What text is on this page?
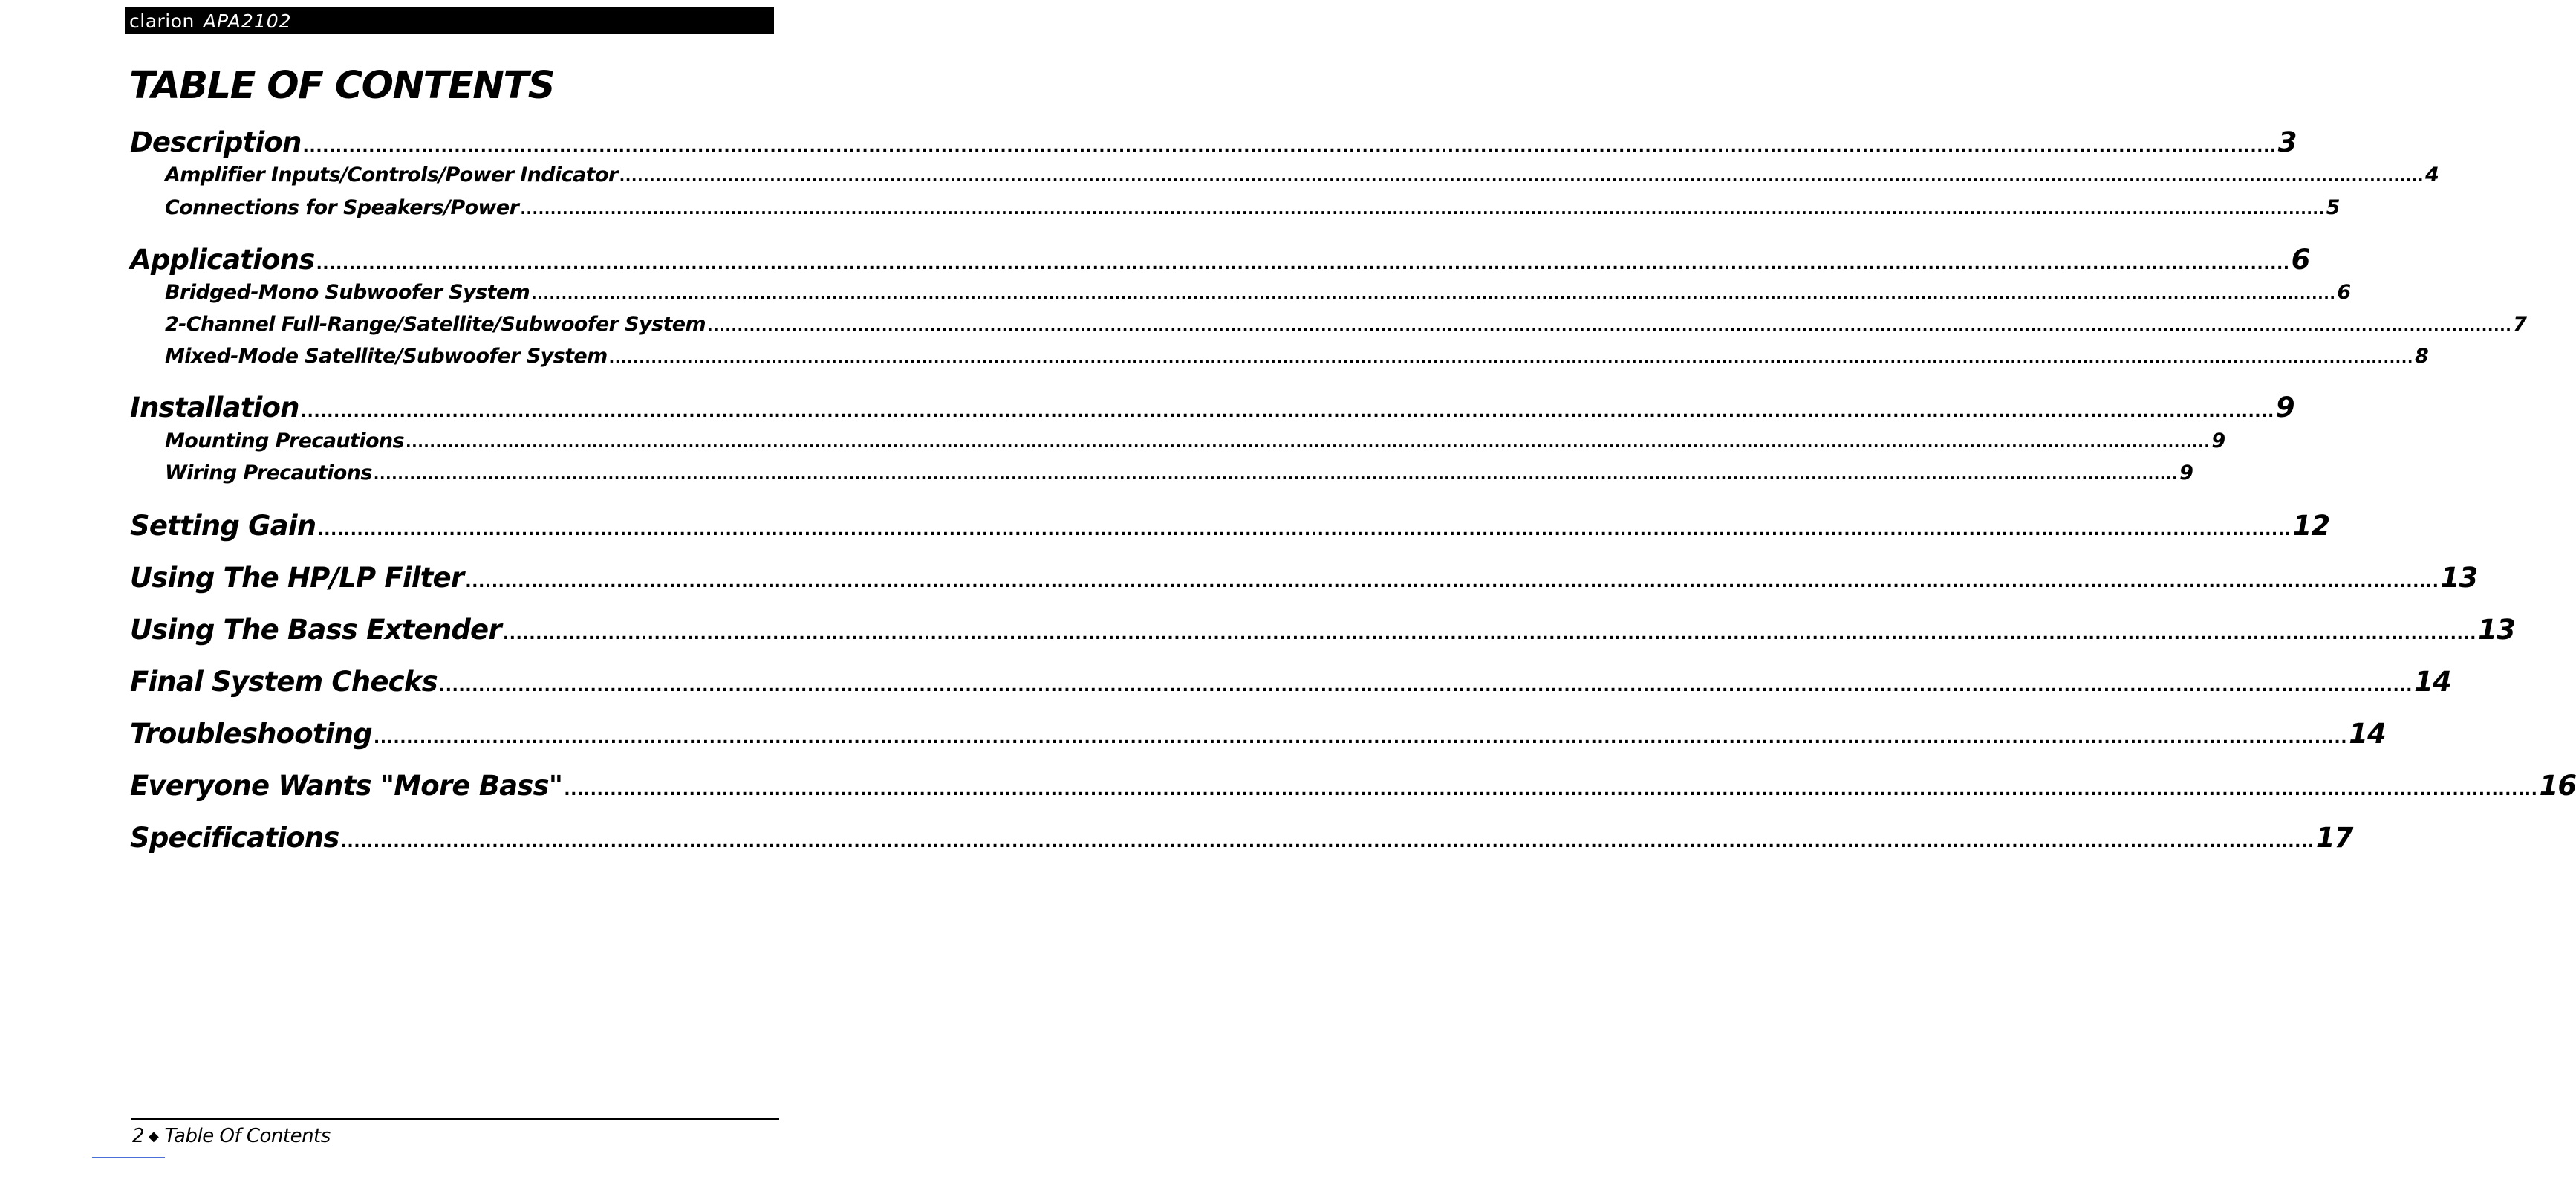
clarion APA2102
TABLE OF CONTENTS
Description ............................................................................................................................................................................................................................................................................................................ 3
Amplifier Inputs/Controls/Power Indicator ............................................................................................................................................................................................................................................................................................................ 4
Connections for Speakers/Power ............................................................................................................................................................................................................................................................................................................ 5
Applications ............................................................................................................................................................................................................................................................................................................ 6
Bridged-Mono Subwoofer System ............................................................................................................................................................................................................................................................................................................ 6
2-Channel Full-Range/Satellite/Subwoofer System ............................................................................................................................................................................................................................................................................................................ 7
Mixed-Mode Satellite/Subwoofer System ............................................................................................................................................................................................................................................................................................................ 8
Installation ............................................................................................................................................................................................................................................................................................................ 9
Mounting Precautions ............................................................................................................................................................................................................................................................................................................ 9
Wiring Precautions ............................................................................................................................................................................................................................................................................................................ 9
Setting Gain ............................................................................................................................................................................................................................................................................................................ 12
Using The HP/LP Filter ............................................................................................................................................................................................................................................................................................................ 13
Using The Bass Extender ............................................................................................................................................................................................................................................................................................................ 13
Final System Checks ............................................................................................................................................................................................................................................................................................................ 14
Troubleshooting ............................................................................................................................................................................................................................................................................................................ 14
Everyone Wants "More Bass" ............................................................................................................................................................................................................................................................................................................ 16
Specifications ............................................................................................................................................................................................................................................................................................................ 17
2 ◆ Table Of Contents
